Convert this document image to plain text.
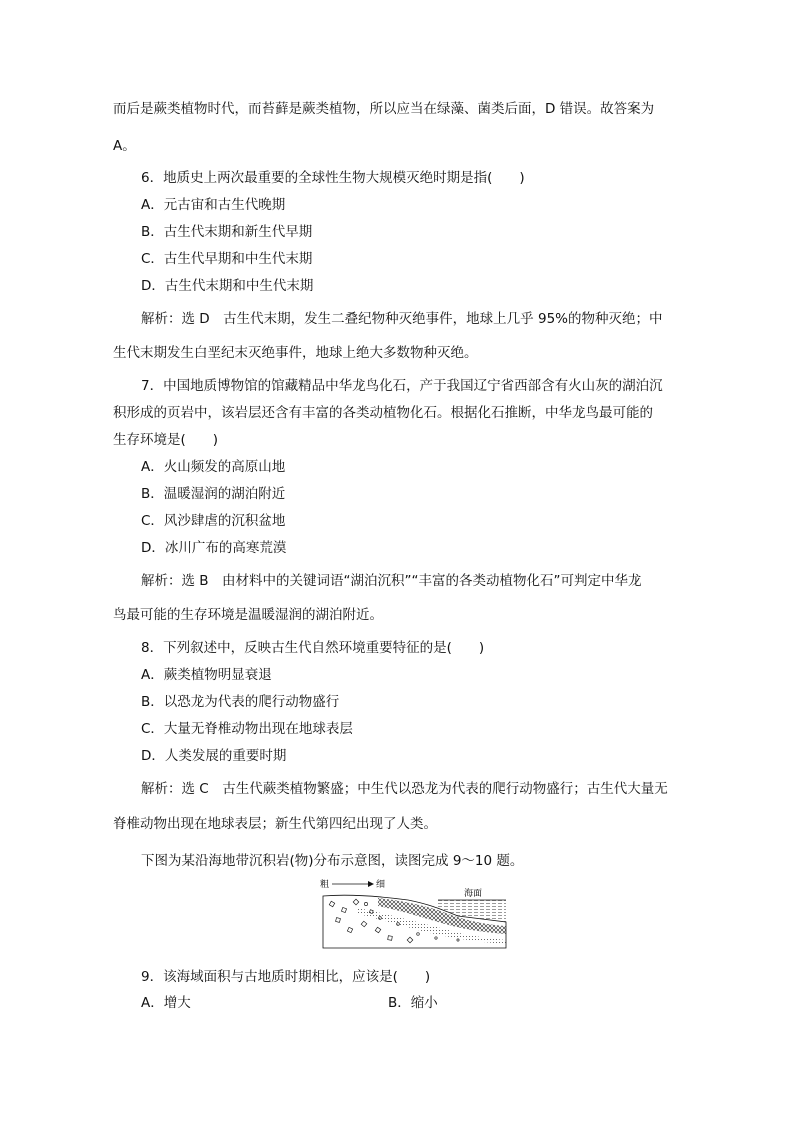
而后是蕨类植物时代，而苔藓是蕨类植物，所以应当在绿藻、菌类后面，D 错误。故答案为
A。
6．地质史上两次最重要的全球性生物大规模灭绝时期是指(　　)
A．元古宙和古生代晚期
B．古生代末期和新生代早期
C．古生代早期和中生代末期
D．古生代末期和中生代末期
解析：选 D　古生代末期，发生二叠纪物种灭绝事件，地球上几乎 95%的物种灭绝；中
生代末期发生白垩纪末灭绝事件，地球上绝大多数物种灭绝。
7．中国地质博物馆的馆藏精品中华龙鸟化石，产于我国辽宁省西部含有火山灰的湖泊沉
积形成的页岩中，该岩层还含有丰富的各类动植物化石。根据化石推断，中华龙鸟最可能的
生存环境是(　　)
A．火山频发的高原山地
B．温暖湿润的湖泊附近
C．风沙肆虐的沉积盆地
D．冰川广布的高寒荒漠
解析：选 B　由材料中的关键词语“湖泊沉积”“丰富的各类动植物化石”可判定中华龙
鸟最可能的生存环境是温暖湿润的湖泊附近。
8．下列叙述中，反映古生代自然环境重要特征的是(　　)
A．蕨类植物明显衰退
B．以恐龙为代表的爬行动物盛行
C．大量无脊椎动物出现在地球表层
D．人类发展的重要时期
解析：选 C　古生代蕨类植物繁盛；中生代以恐龙为代表的爬行动物盛行；古生代大量无
脊椎动物出现在地球表层；新生代第四纪出现了人类。
下图为某沿海地带沉积岩(物)分布示意图，读图完成 9～10 题。
粗	细
海面
9．该海域面积与古地质时期相比，应该是(　　)
A．增大	B．缩小
